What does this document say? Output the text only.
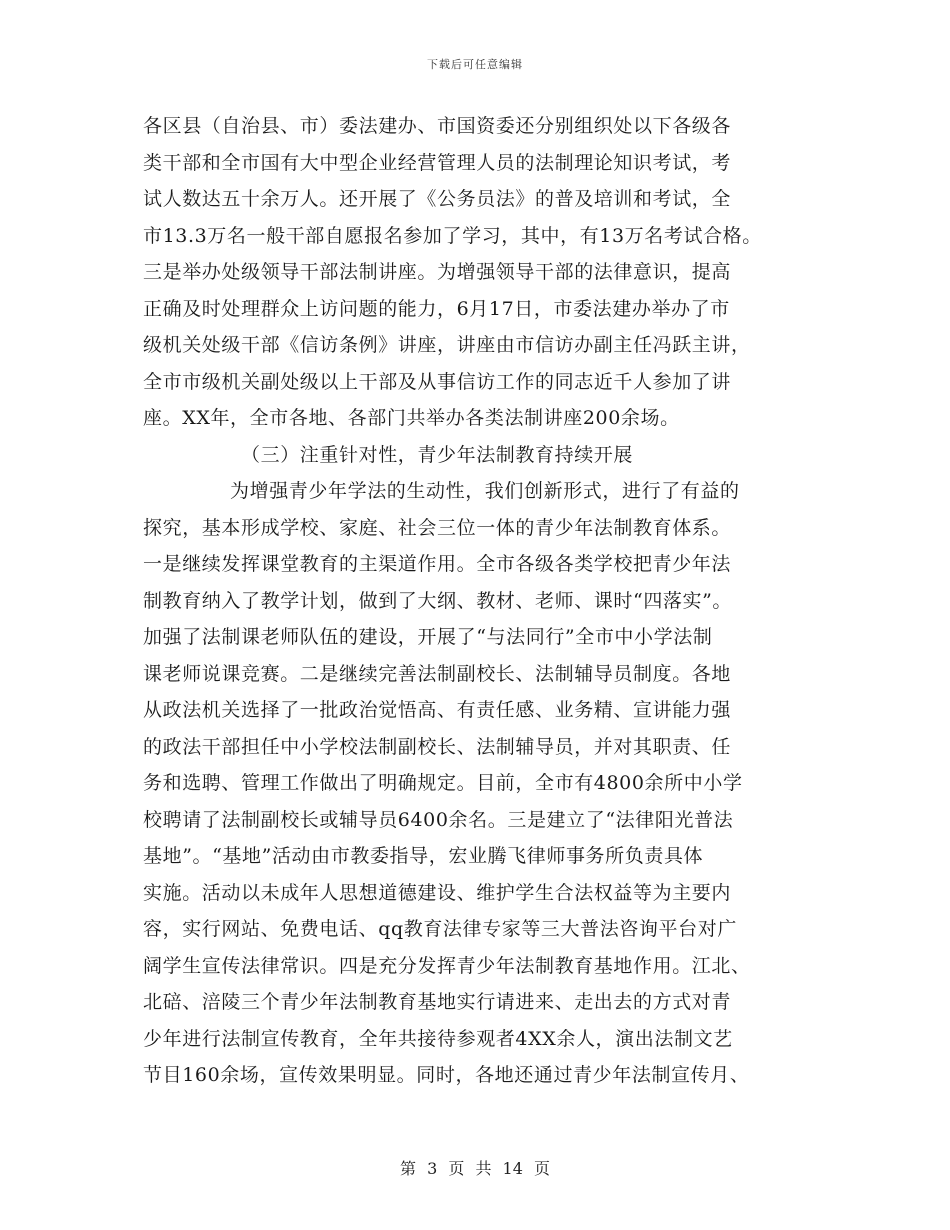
下载后可任意编辑
各区县（自治县、市）委法建办、市国资委还分别组织处以下各级各
类干部和全市国有大中型企业经营管理人员的法制理论知识考试，考
试人数达五十余万人。还开展了《公务员法》的普及培训和考试，全
市13.3万名一般干部自愿报名参加了学习，其中，有13万名考试合格。
三是举办处级领导干部法制讲座。为增强领导干部的法律意识，提高
正确及时处理群众上访问题的能力，6月17日，市委法建办举办了市
级机关处级干部《信访条例》讲座，讲座由市信访办副主任冯跃主讲，
全市市级机关副处级以上干部及从事信访工作的同志近千人参加了讲
座。XX年，全市各地、各部门共举办各类法制讲座200余场。
（三）注重针对性，青少年法制教育持续开展
为增强青少年学法的生动性，我们创新形式，进行了有益的
探究，基本形成学校、家庭、社会三位一体的青少年法制教育体系。
一是继续发挥课堂教育的主渠道作用。全市各级各类学校把青少年法
制教育纳入了教学计划，做到了大纲、教材、老师、课时“四落实”。
加强了法制课老师队伍的建设，开展了“与法同行”全市中小学法制
课老师说课竞赛。二是继续完善法制副校长、法制辅导员制度。各地
从政法机关选择了一批政治觉悟高、有责任感、业务精、宣讲能力强
的政法干部担任中小学校法制副校长、法制辅导员，并对其职责、任
务和选聘、管理工作做出了明确规定。目前，全市有4800余所中小学
校聘请了法制副校长或辅导员6400余名。三是建立了“法律阳光普法
基地”。“基地”活动由市教委指导，宏业腾飞律师事务所负责具体
实施。活动以未成年人思想道德建设、维护学生合法权益等为主要内
容，实行网站、免费电话、qq教育法律专家等三大普法咨询平台对广
阔学生宣传法律常识。四是充分发挥青少年法制教育基地作用。江北、
北碚、涪陵三个青少年法制教育基地实行请进来、走出去的方式对青
少年进行法制宣传教育，全年共接待参观者4XX余人，演出法制文艺
节目160余场，宣传效果明显。同时，各地还通过青少年法制宣传月、
第 3 页 共 14 页
